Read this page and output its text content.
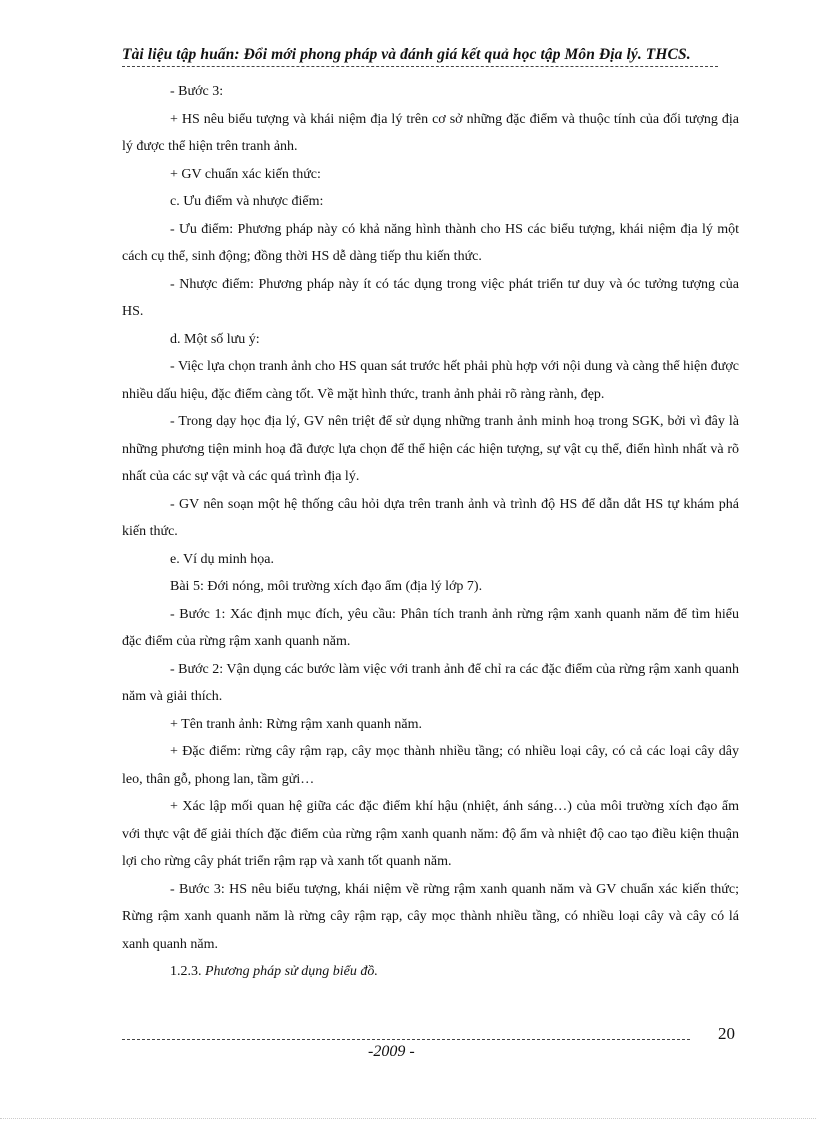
Tài liệu tập huấn: Đổi mới phong pháp và đánh giá kết quả học tập Môn Địa lý. THCS.

- Bước 3:

+ HS nêu biểu tượng và khái niệm địa lý trên cơ sở những đặc điểm và thuộc tính của đối tượng địa lý được thể hiện trên tranh ảnh.

+ GV chuẩn xác kiến thức:

c. Ưu điểm và nhược điểm:

- Ưu điểm: Phương pháp này có khả năng hình thành cho HS các biểu tượng, khái niệm địa lý một cách cụ thể, sinh động; đồng thời HS dễ dàng tiếp thu kiến thức.

- Nhược điểm: Phương pháp này ít có tác dụng trong việc phát triển tư duy và óc tưởng tượng của HS.

d. Một số lưu ý:

- Việc lựa chọn tranh ảnh cho HS quan sát trước hết phải phù hợp với nội dung và càng thể hiện được nhiều dấu hiệu, đặc điểm càng tốt. Về mặt hình thức, tranh ảnh phải rõ ràng rành, đẹp.

- Trong dạy học địa lý, GV nên triệt để sử dụng những tranh ảnh minh hoạ trong SGK, bởi vì đây là những phương tiện minh hoạ đã được lựa chọn để thể hiện các hiện tượng, sự vật cụ thể, điển hình nhất và rõ nhất của các sự vật và các quá trình địa lý.

- GV nên soạn một hệ thống câu hỏi dựa trên tranh ảnh và trình độ HS để dẫn dắt HS tự khám phá kiến thức.

e. Ví dụ minh họa.

Bài 5: Đới nóng, môi trường xích đạo ẩm (địa lý lớp 7).

- Bước 1: Xác định mục đích, yêu cầu: Phân tích tranh ảnh rừng rậm xanh quanh năm để tìm hiểu đặc điểm của rừng rậm xanh quanh năm.

- Bước 2: Vận dụng các bước làm việc với tranh ảnh để chỉ ra các đặc điểm của rừng rậm xanh quanh năm và giải thích.

+ Tên tranh ảnh: Rừng rậm xanh quanh năm.

+ Đặc điểm: rừng cây rậm rạp, cây mọc thành nhiều tầng; có nhiều loại cây, có cả các loại cây dây leo, thân gỗ, phong lan, tầm gửi…

+ Xác lập mối quan hệ giữa các đặc điểm khí hậu (nhiệt, ánh sáng…) của môi trường xích đạo ẩm với thực vật để giải thích đặc điểm của rừng rậm xanh quanh năm: độ ẩm và nhiệt độ cao tạo điều kiện thuận lợi cho rừng cây phát triển rậm rạp và xanh tốt quanh năm.

- Bước 3: HS nêu biểu tượng, khái niệm về rừng rậm xanh quanh năm và GV chuẩn xác kiến thức; Rừng rậm xanh quanh năm là rừng cây rậm rạp, cây mọc thành nhiều tầng, có nhiều loại cây và cây có lá xanh quanh năm.

1.2.3. Phương pháp sử dụng biểu đồ.

20
-2009 -
